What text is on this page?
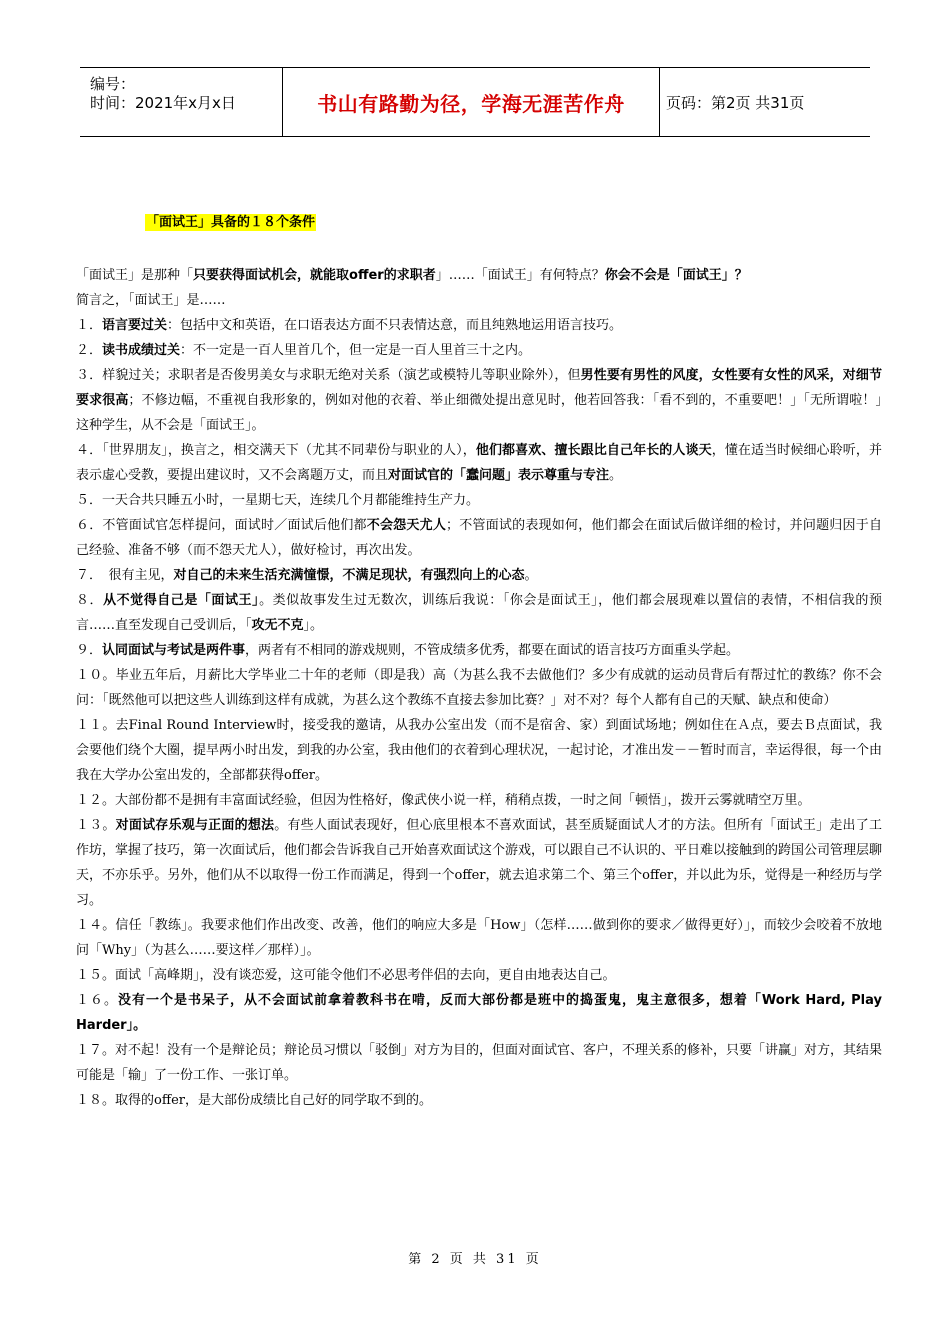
编号：
时间：2021年x月x日	书山有路勤为径，学海无涯苦作舟	页码：第2页 共31页
「面试王」具备的１８个条件

「面试王」是那种「只要获得面试机会，就能取offer的求职者」……「面试王」有何特点？你会不会是「面试王」？

简言之，「面试王」是……

１．语言要过关：包括中文和英语，在口语表达方面不只表情达意，而且纯熟地运用语言技巧。

２．读书成绩过关：不一定是一百人里首几个，但一定是一百人里首三十之内。

３．样貌过关；求职者是否俊男美女与求职无绝对关系（演艺或模特儿等职业除外），但男性要有男性的风度，女性要有女性的风采，对细节要求很高；不修边幅，不重视自我形象的，例如对他的衣着、举止细微处提出意见时，他若回答我：「看不到的，不重要吧！」「无所谓啦！」这种学生，从不会是「面试王」。

４．「世界朋友」，换言之，相交满天下（尤其不同辈份与职业的人），他们都喜欢、擅长跟比自己年长的人谈天，懂在适当时候细心聆听，并表示虚心受教，要提出建议时，又不会离题万丈，而且对面试官的「蠢问题」表示尊重与专注。

５．一天合共只睡五小时，一星期七天，连续几个月都能维持生产力。

６．不管面试官怎样提问，面试时／面试后他们都不会怨天尤人；不管面试的表现如何，他们都会在面试后做详细的检讨，并问题归因于自己经验、准备不够（而不怨天尤人），做好检讨，再次出发。

７．　很有主见，对自己的未来生活充满憧憬，不满足现状，有强烈向上的心态。

８．从不觉得自己是「面试王」。类似故事发生过无数次，训练后我说：「你会是面试王」，他们都会展现难以置信的表情，不相信我的预言……直至发现自己受训后，「攻无不克」。

９．认同面试与考试是两件事，两者有不相同的游戏规则，不管成绩多优秀，都要在面试的语言技巧方面重头学起。

１０。毕业五年后，月薪比大学毕业二十年的老师（即是我）高（为甚么我不去做他们？多少有成就的运动员背后有帮过忙的教练？你不会问：「既然他可以把这些人训练到这样有成就，为甚么这个教练不直接去参加比赛？」对不对？每个人都有自己的天赋、缺点和使命）

１１。去Final Round Interview时，接受我的邀请，从我办公室出发（而不是宿舍、家）到面试场地；例如住在Ａ点，要去Ｂ点面试，我会要他们绕个大圈，提早两小时出发，到我的办公室，我由他们的衣着到心理状况，一起讨论，才准出发－－暂时而言，幸运得很，每一个由我在大学办公室出发的，全部都获得offer。

１２。大部份都不是拥有丰富面试经验，但因为性格好，像武侠小说一样，稍稍点拨，一时之间「顿悟」，拨开云雾就晴空万里。

１３。对面试存乐观与正面的想法。有些人面试表现好，但心底里根本不喜欢面试，甚至质疑面试人才的方法。但所有「面试王」走出了工作坊，掌握了技巧，第一次面试后，他们都会告诉我自己开始喜欢面试这个游戏，可以跟自己不认识的、平日难以接触到的跨国公司管理层聊天，不亦乐乎。另外，他们从不以取得一份工作而满足，得到一个offer，就去追求第二个、第三个offer，并以此为乐，觉得是一种经历与学习。

１４。信任「教练」。我要求他们作出改变、改善，他们的响应大多是「How」（怎样……做到你的要求／做得更好）」，而较少会咬着不放地问「Why」（为甚么……要这样／那样）」。

１５。面试「高峰期」，没有谈恋爱，这可能令他们不必思考伴侣的去向，更自由地表达自己。

１６。没有一个是书呆子，从不会面试前拿着教科书在啃，反而大部份都是班中的捣蛋鬼，鬼主意很多，想着「Work Hard, Play Harder」。

１７。对不起！没有一个是辩论员；辩论员习惯以「驳倒」对方为目的，但面对面试官、客户，不理关系的修补，只要「讲赢」对方，其结果可能是「输」了一份工作、一张订单。

１８。取得的offer，是大部份成绩比自己好的同学取不到的。

第 2 页 共 31 页
